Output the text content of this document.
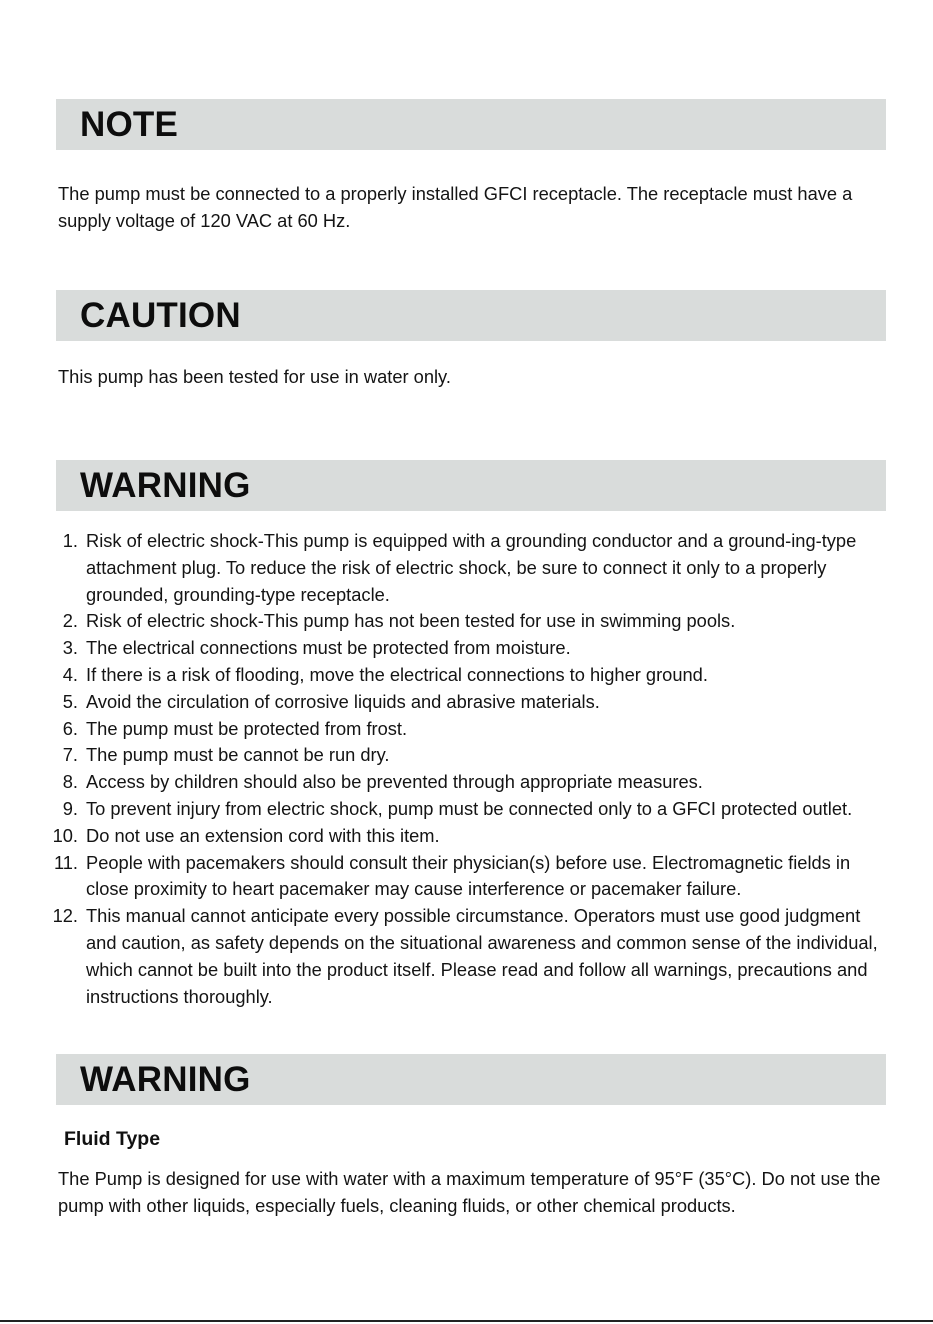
NOTE

The pump must be connected to a properly installed GFCI receptacle. The receptacle must have a supply voltage of 120 VAC at 60 Hz.

CAUTION

This pump has been tested for use in water only.

WARNING
1. Risk of electric shock-This pump is equipped with a grounding conductor and a ground-ing-type attachment plug. To reduce the risk of electric shock, be sure to connect it only to a properly grounded, grounding-type receptacle.
2. Risk of electric shock-This pump has not been tested for use in swimming pools.
3. The electrical connections must be protected from moisture.
4. If there is a risk of flooding, move the electrical connections to higher ground.
5. Avoid the circulation of corrosive liquids and abrasive materials.
6. The pump must be protected from frost.
7. The pump must be cannot be run dry.
8. Access by children should also be prevented through appropriate measures.
9. To prevent injury from electric shock, pump must be connected only to a GFCI protected outlet.
10. Do not use an extension cord with this item.
11. People with pacemakers should consult their physician(s) before use. Electromagnetic fields in close proximity to heart pacemaker may cause interference or pacemaker failure.
12. This manual cannot anticipate every possible circumstance. Operators must use good judgment and caution, as safety depends on the situational awareness and common sense of the individual, which cannot be built into the product itself. Please read and follow all warnings, precautions and instructions thoroughly.
WARNING
Fluid Type

The Pump is designed for use with water with a maximum temperature of 95°F (35°C). Do not use the pump with other liquids, especially fuels, cleaning fluids, or other chemical products.
